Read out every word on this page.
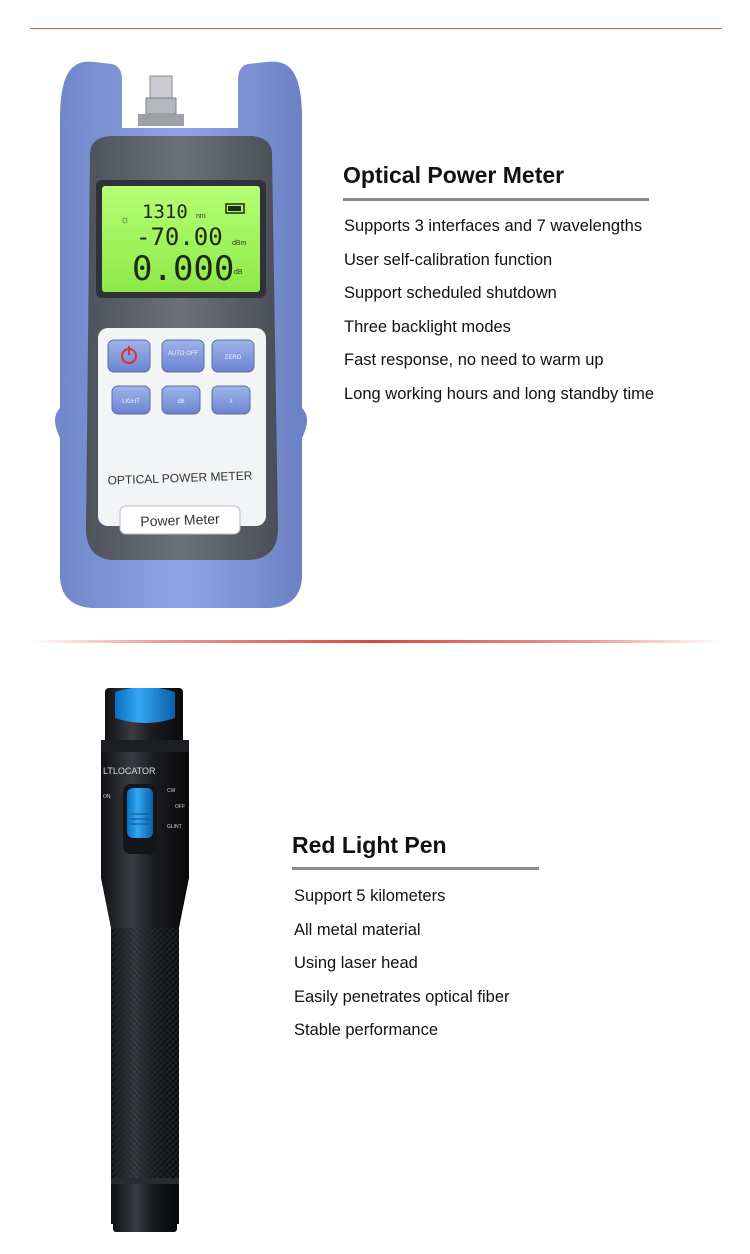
☼ 1310 nm
-70.00 dBm
0.000 dB
AUTO OFF
ZERO
LIGHT	dB	λ
OPTICAL POWER METER
Power Meter
Optical Power Meter
Supports 3 interfaces and 7 wavelengths
User self-calibration function
Support scheduled shutdown
Three backlight modes
Fast response, no need to warm up
Long working hours and long standby time
LTLOCATOR
ON
CW
OFF
GLINT
Red Light Pen
Support 5 kilometers
All metal material
Using laser head
Easily penetrates optical fiber
Stable performance
